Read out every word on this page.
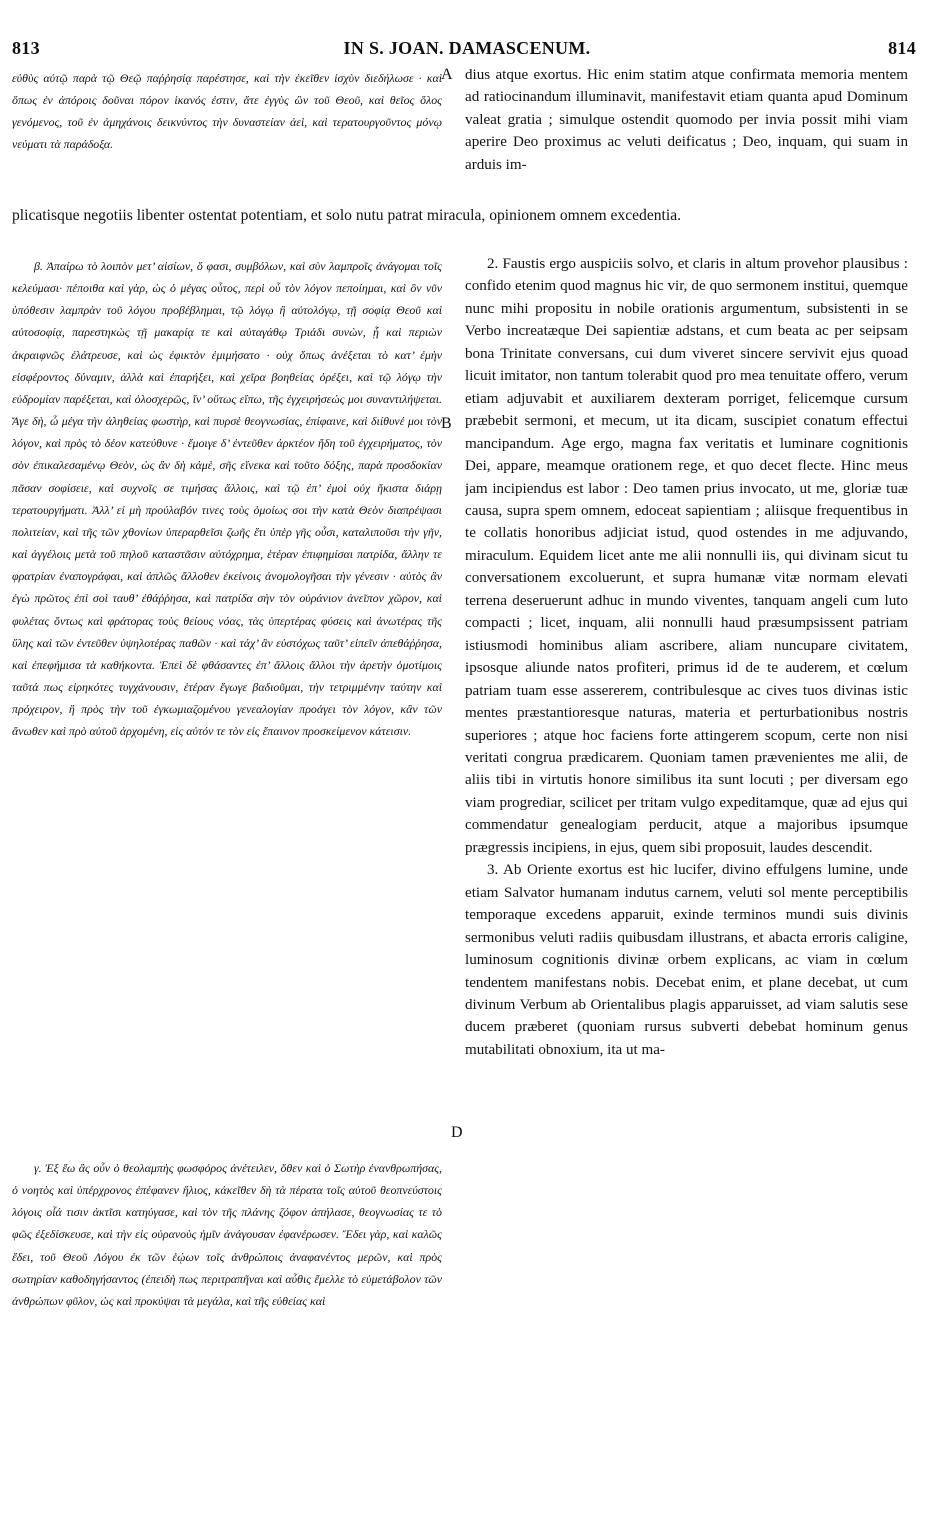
813	IN S. JOAN. DAMASCENUM.	814

εὐθὺς αὐτῷ παρὰ τῷ Θεῷ παῤῥησίᾳ παρέστησε, καὶ τὴν ἐκεῖθεν ἰσχὺν διεδήλωσε · καὶ ὅπως ἐν ἀπόροις δοῦναι πόρον ἱκανός ἐστιν, ἅτε ἐγγὺς ὢν τοῦ Θεοῦ, καὶ θεῖος ὅλος γενόμενος, τοῦ ἐν ἀμηχάνοις δεικνύντος τὴν δυναστείαν ἀεὶ, καὶ τερατουργοῦντος μόνῳ νεύματι τὰ παράδοξα.

dius atque exortus. Hic enim statim atque confirmata memoria mentem ad ratiocinandum illuminavit, manifestavit etiam quanta apud Dominum valeat gratia ; simulque ostendit quomodo per invia possit mihi viam aperire Deo proximus ac veluti deificatus ; Deo, inquam, qui suam in arduis im-

plicatisque negotiis libenter ostentat potentiam, et solo nutu patrat miracula, opinionem omnem excedentia.

β. Ἀπαίρω τὸ λοιπὸν μετ’ αἰσίων, ὅ φασι, συμβόλων, καὶ σὺν λαμπροῖς ἀνάγομαι τοῖς κελεύμασι· πέποιθα καὶ γὰρ, ὡς ὁ μέγας οὗτος, περὶ οὗ τὸν λόγον πεποίημαι, καὶ ὃν νῦν ὑπόθεσιν λαμπρὰν τοῦ λόγου προβέβλημαι, τῷ λόγῳ ἢ αὐτολόγῳ, τῇ σοφίᾳ Θεοῦ καὶ αὐτοσοφίᾳ, παρεστηκὼς τῇ μακαρίᾳ τε καὶ αὐταγάθῳ Τριάδι συνὼν, ᾗ καὶ περιὼν ἀκραιφνῶς ἐλάτρευσε, καὶ ὡς ἐφικτὸν ἐμιμήσατο · οὐχ ὅπως ἀνέξεται τὸ κατ’ ἐμὴν εἰσφέροντος δύναμιν, ἀλλὰ καὶ ἐπαρήξει, καὶ χεῖρα βοηθείας ὀρέξει, καὶ τῷ λόγῳ τὴν εὐδρομίαν παρέξεται, καὶ ὁλοσχερῶς, ἵν’ οὕτως εἴπω, τῆς ἐγχειρήσεώς μοι συναντιλήψεται. Ἄγε δὴ, ὦ μέγα τὴν ἀληθείας φωστὴρ, καὶ πυρσὲ θεογνωσίας, ἐπίφαινε, καὶ διίθυνέ μοι τὸν λόγον, καὶ πρὸς τὸ δέον κατεύθυνε · ἔμοιγε δ’ ἐντεῦθεν ἀρκτέον ἤδη τοῦ ἐγχειρήματος, τὸν σὸν ἐπικαλεσαμένῳ Θεὸν, ὡς ἂν δὴ κἀμὲ, σῆς εἵνεκα καὶ τοῦτο δόξης, παρὰ προσδοκίαν πᾶσαν σοφίσειε, καὶ συχνοῖς σε τιμήσας ἄλλοις, καὶ τῷ ἐπ’ ἐμοὶ οὐχ ἥκιστα διάρῃ τερατουργήματι. Ἀλλ’ εἰ μὴ προύλαβόν τινες τοὺς ὁμοίως σοι τὴν κατὰ Θεὸν διαπρέψασι πολιτείαν, καὶ τῆς τῶν χθονίων ὑπεραρθεῖσι ζωῆς ἔτι ὑπὲρ γῆς οὖσι, καταλιποῦσι τὴν γῆν, καὶ ἀγγέλοις μετὰ τοῦ πηλοῦ καταστᾶσιν αὐτόχρημα, ἑτέραν ἐπιφημίσαι πατρίδα, ἄλλην τε φρατρίαν ἐναπογράφαι, καὶ ἁπλῶς ἄλλοθεν ἐκείνοις ἀνομολογῆσαι τὴν γένεσιν · αὐτὸς ἂν ἐγὼ πρῶτος ἐπὶ σοὶ ταυθ’ ἐθάῤῥησα, καὶ πατρίδα σὴν τὸν οὐράνιον ἀνεῖπον χῶρον, καὶ φυλέτας ὄντως καὶ φράτορας τοὺς θείους νόας, τὰς ὑπερτέρας φύσεις καὶ ἀνωτέρας τῆς ὕλης καὶ τῶν ἐντεῦθεν ὑψηλοτέρας παθῶν · καὶ τάχ’ ἂν εὐστόχως ταῦτ’ εἰπεῖν ἀπεθάῤῥησα, καὶ ἐπεφήμισα τὰ καθήκοντα. Ἐπεὶ δὲ φθάσαντες ἐπ’ ἄλλοις ἄλλοι τὴν ἀρετὴν ὁμοτίμοις ταῦτά πως εἰρηκότες τυγχάνουσιν, ἑτέραν ἔγωγε βαδιοῦμαι, τὴν τετριμμένην ταύτην καὶ πρόχειρον, ἣ πρὸς τὴν τοῦ ἐγκωμιαζομένου γενεαλογίαν προάγει τὸν λόγον, κἂν τῶν ἄνωθεν καὶ πρὸ αὐτοῦ ἀρχομένη, εἰς αὐτόν τε τὸν εἰς ἔπαινον προσκείμενον κάτεισιν.

γ. Ἐξ ἕω ἂς οὖν ὁ θεολαμπὴς φωσφόρος ἀνέτειλεν, ὅθεν καὶ ὁ Σωτὴρ ἐνανθρωπήσας, ὁ νοητὸς καὶ ὑπέρχρονος ἐπέφανεν ἥλιος, κἀκεῖθεν δὴ τὰ πέρατα τοῖς αὐτοῦ θεοπνεύστοις λόγοις οἷά τισιν ἀκτῖσι κατηύγασε, καὶ τὸν τῆς πλάνης ζόφον ἀπήλασε, θεογνωσίας τε τὸ φῶς ἐξεδίσκευσε, καὶ τὴν εἰς οὐρανοὺς ἡμῖν ἀνάγουσαν ἐφανέρωσεν. Ἔδει γὰρ, καὶ καλῶς ἔδει, τοῦ Θεοῦ Λόγου ἐκ τῶν ἑῴων τοῖς ἀνθρώποις ἀναφανέντος μερῶν, καὶ πρὸς σωτηρίαν καθοδηγήσαντος (ἐπειδὴ πως περιτραπῆναι καὶ αὖθις ἔμελλε τὸ εὐμετάβολον τῶν ἀνθρώπων φῦλον, ὡς καὶ προκύψαι τὰ μεγάλα, καὶ τῆς εὐθείας καὶ

2. Faustis ergo auspiciis solvo, et claris in altum provehor plausibus : confido etenim quod magnus hic vir, de quo sermonem institui, quemque nunc mihi propositu in nobile orationis argumentum, subsistenti in se Verbo increatæque Dei sapientiæ adstans, et cum beata ac per seipsam bona Trinitate conversans, cui dum viveret sincere servivit ejus quoad licuit imitator, non tantum tolerabit quod pro mea tenuitate offero, verum etiam adjuvabit et auxiliarem dexteram porriget, felicemque cursum præbebit sermoni, et mecum, ut ita dicam, suscipiet conatum effectui mancipandum. Age ergo, magna fax veritatis et luminare cognitionis Dei, appare, meamque orationem rege, et quo decet flecte. Hinc meus jam incipiendus est labor : Deo tamen prius invocato, ut me, gloriæ tuæ causa, supra spem omnem, edoceat sapientiam ; aliisque frequentibus in te collatis honoribus adjiciat istud, quod ostendes in me adjuvando, miraculum. Equidem licet ante me alii nonnulli iis, qui divinam sicut tu conversationem excoluerunt, et supra humanæ vitæ normam elevati terrena deseruerunt adhuc in mundo viventes, tanquam angeli cum luto compacti ; licet, inquam, alii nonnulli haud præsumpsissent patriam istiusmodi hominibus aliam ascribere, aliam nuncupare civitatem, ipsosque aliunde natos profiteri, primus id de te auderem, et cœlum patriam tuam esse assererem, contribulesque ac cives tuos divinas istic mentes præstantioresque naturas, materia et perturbationibus nostris superiores ; atque hoc faciens forte attingerem scopum, certe non nisi veritati congrua prædicarem. Quoniam tamen prævenientes me alii, de aliis tibi in virtutis honore similibus ita sunt locuti ; per diversam ego viam progrediar, scilicet per tritam vulgo expeditamque, quæ ad ejus qui commendatur genealogiam perducit, atque a majoribus ipsumque prægressis incipiens, in ejus, quem sibi proposuit, laudes descendit.

3. Ab Oriente exortus est hic lucifer, divino effulgens lumine, unde etiam Salvator humanam indutus carnem, veluti sol mente perceptibilis temporaque excedens apparuit, exinde terminos mundi suis divinis sermonibus veluti radiis quibusdam illustrans, et abacta erroris caligine, luminosum cognitionis divinæ orbem explicans, ac viam in cœlum tendentem manifestans nobis. Decebat enim, et plane decebat, ut cum divinum Verbum ab Orientalibus plagis apparuisset, ad viam salutis sese ducem præberet (quoniam rursus subverti debebat hominum genus mutabilitati obnoxium, ita ut ma-

A
B
D
